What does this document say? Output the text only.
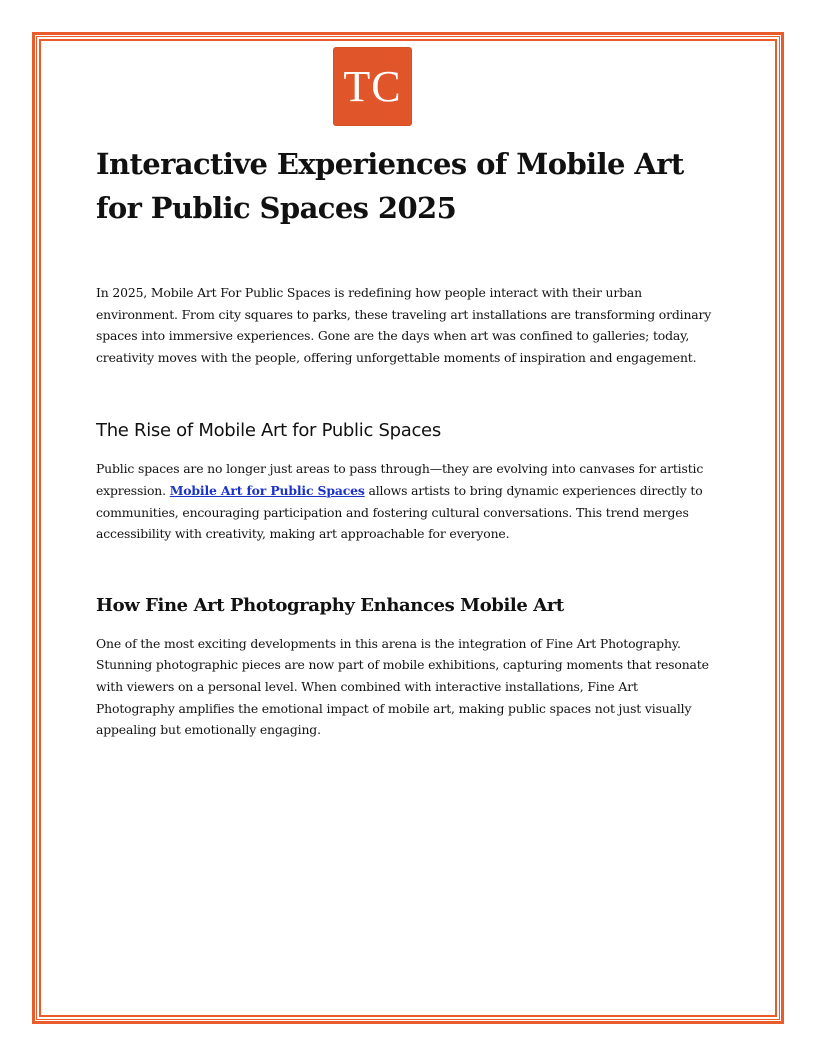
TC
Interactive Experiences of Mobile Art for Public Spaces 2025

In 2025, Mobile Art For Public Spaces is redefining how people interact with their urban environment. From city squares to parks, these traveling art installations are transforming ordinary spaces into immersive experiences. Gone are the days when art was confined to galleries; today, creativity moves with the people, offering unforgettable moments of inspiration and engagement.

The Rise of Mobile Art for Public Spaces

Public spaces are no longer just areas to pass through—they are evolving into canvases for artistic expression. Mobile Art for Public Spaces allows artists to bring dynamic experiences directly to communities, encouraging participation and fostering cultural conversations. This trend merges accessibility with creativity, making art approachable for everyone.

How Fine Art Photography Enhances Mobile Art

One of the most exciting developments in this arena is the integration of Fine Art Photography. Stunning photographic pieces are now part of mobile exhibitions, capturing moments that resonate with viewers on a personal level. When combined with interactive installations, Fine Art Photography amplifies the emotional impact of mobile art, making public spaces not just visually appealing but emotionally engaging.
